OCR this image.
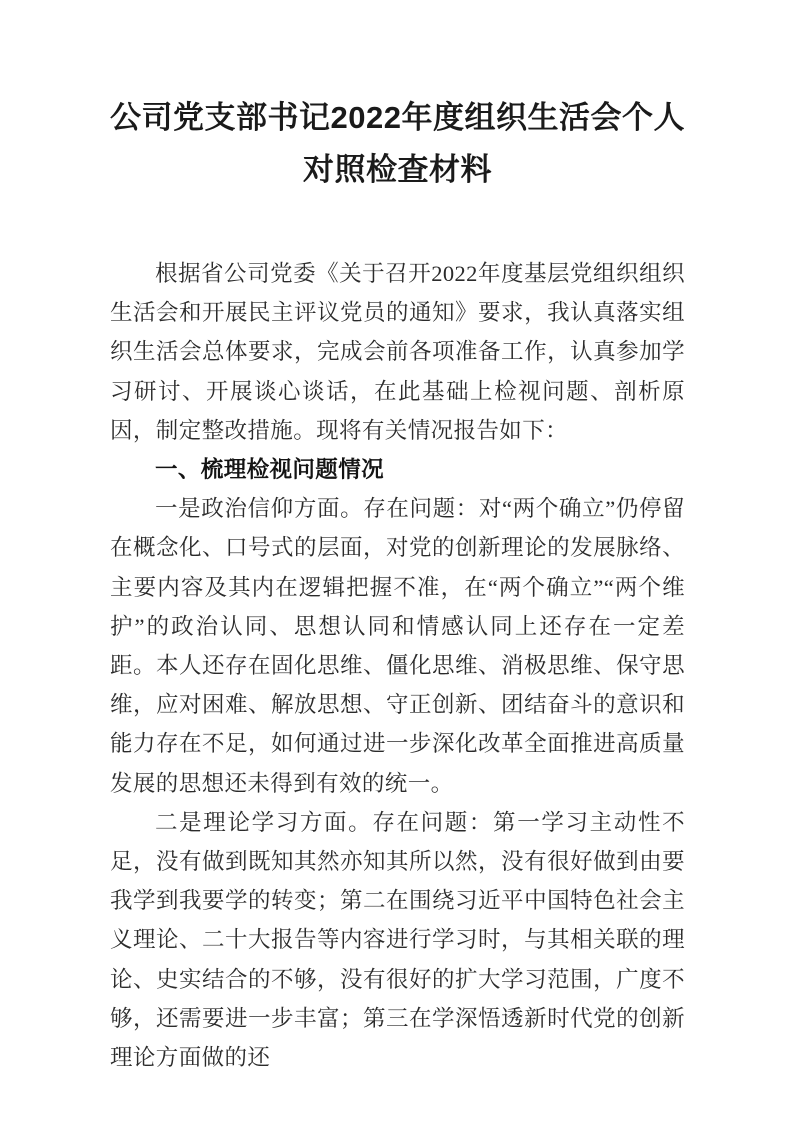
公司党支部书记2022年度组织生活会个人对照检查材料

根据省公司党委《关于召开2022年度基层党组织组织生活会和开展民主评议党员的通知》要求，我认真落实组织生活会总体要求，完成会前各项准备工作，认真参加学习研讨、开展谈心谈话，在此基础上检视问题、剖析原因，制定整改措施。现将有关情况报告如下：

一、梳理检视问题情况

一是政治信仰方面。存在问题：对“两个确立”仍停留在概念化、口号式的层面，对党的创新理论的发展脉络、主要内容及其内在逻辑把握不准，在“两个确立”“两个维护”的政治认同、思想认同和情感认同上还存在一定差距。本人还存在固化思维、僵化思维、消极思维、保守思维，应对困难、解放思想、守正创新、团结奋斗的意识和能力存在不足，如何通过进一步深化改革全面推进高质量发展的思想还未得到有效的统一。

二是理论学习方面。存在问题：第一学习主动性不足，没有做到既知其然亦知其所以然，没有很好做到由要我学到我要学的转变；第二在围绕习近平中国特色社会主义理论、二十大报告等内容进行学习时，与其相关联的理论、史实结合的不够，没有很好的扩大学习范围，广度不够，还需要进一步丰富；第三在学深悟透新时代党的创新理论方面做的还
